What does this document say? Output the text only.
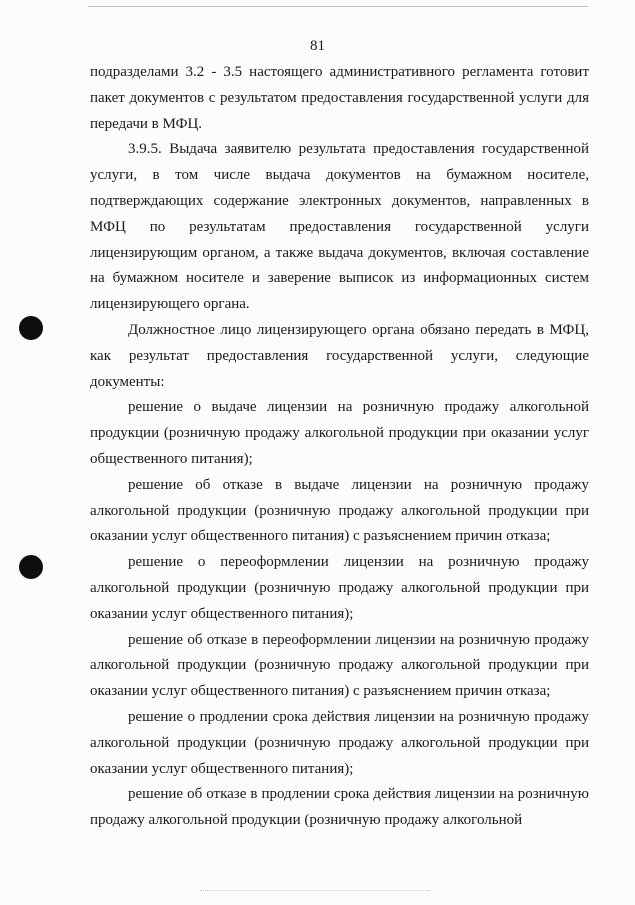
81

подразделами 3.2 - 3.5 настоящего административного регламента готовит пакет документов с результатом предоставления государственной услуги для передачи в МФЦ.

3.9.5. Выдача заявителю результата предоставления государственной услуги, в том числе выдача документов на бумажном носителе, подтверждающих содержание электронных документов, направленных в МФЦ по результатам предоставления государственной услуги лицензирующим органом, а также выдача документов, включая составление на бумажном носителе и заверение выписок из информационных систем лицензирующего органа.

Должностное лицо лицензирующего органа обязано передать в МФЦ, как результат предоставления государственной услуги, следующие документы:

решение о выдаче лицензии на розничную продажу алкогольной продукции (розничную продажу алкогольной продукции при оказании услуг общественного питания);

решение об отказе в выдаче лицензии на розничную продажу алкогольной продукции (розничную продажу алкогольной продукции при оказании услуг общественного питания) с разъяснением причин отказа;

решение о переоформлении лицензии на розничную продажу алкогольной продукции (розничную продажу алкогольной продукции при оказании услуг общественного питания);

решение об отказе в переоформлении лицензии на розничную продажу алкогольной продукции (розничную продажу алкогольной продукции при оказании услуг общественного питания) с разъяснением причин отказа;

решение о продлении срока действия лицензии на розничную продажу алкогольной продукции (розничную продажу алкогольной продукции при оказании услуг общественного питания);

решение об отказе в продлении срока действия лицензии на розничную продажу алкогольной продукции (розничную продажу алкогольной
